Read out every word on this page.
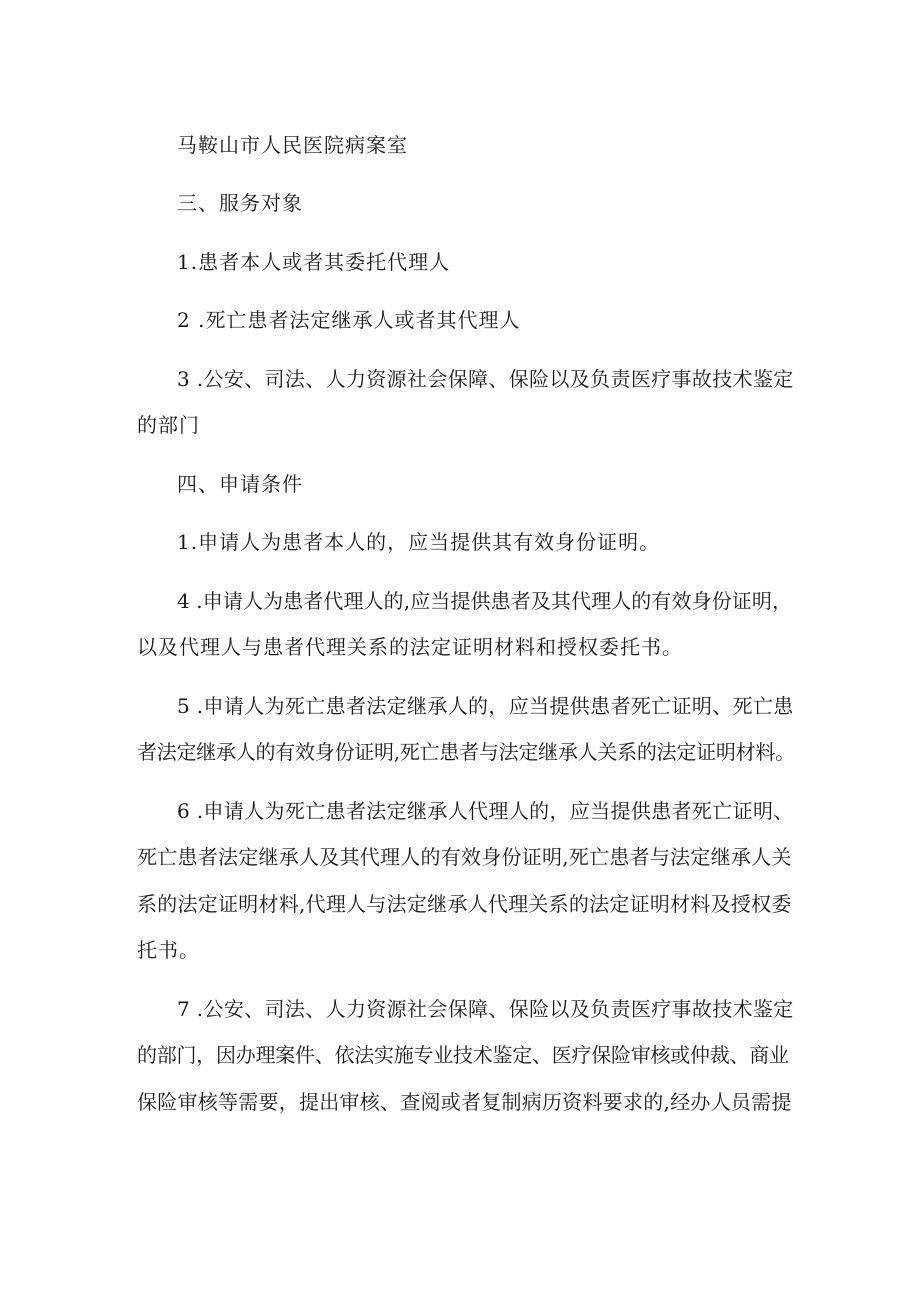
马鞍山市人民医院病案室
三、服务对象
1.患者本人或者其委托代理人
2 .死亡患者法定继承人或者其代理人
3 .公安、司法、人力资源社会保障、保险以及负责医疗事故技术鉴定
的部门
四、申请条件
1.申请人为患者本人的，应当提供其有效身份证明。
4 .申请人为患者代理人的,应当提供患者及其代理人的有效身份证明，
以及代理人与患者代理关系的法定证明材料和授权委托书。
5 .申请人为死亡患者法定继承人的，应当提供患者死亡证明、死亡患
者法定继承人的有效身份证明,死亡患者与法定继承人关系的法定证明材料。
6 .申请人为死亡患者法定继承人代理人的，应当提供患者死亡证明、
死亡患者法定继承人及其代理人的有效身份证明,死亡患者与法定继承人关
系的法定证明材料,代理人与法定继承人代理关系的法定证明材料及授权委
托书。
7 .公安、司法、人力资源社会保障、保险以及负责医疗事故技术鉴定
的部门，因办理案件、依法实施专业技术鉴定、医疗保险审核或仲裁、商业
保险审核等需要，提出审核、查阅或者复制病历资料要求的,经办人员需提
